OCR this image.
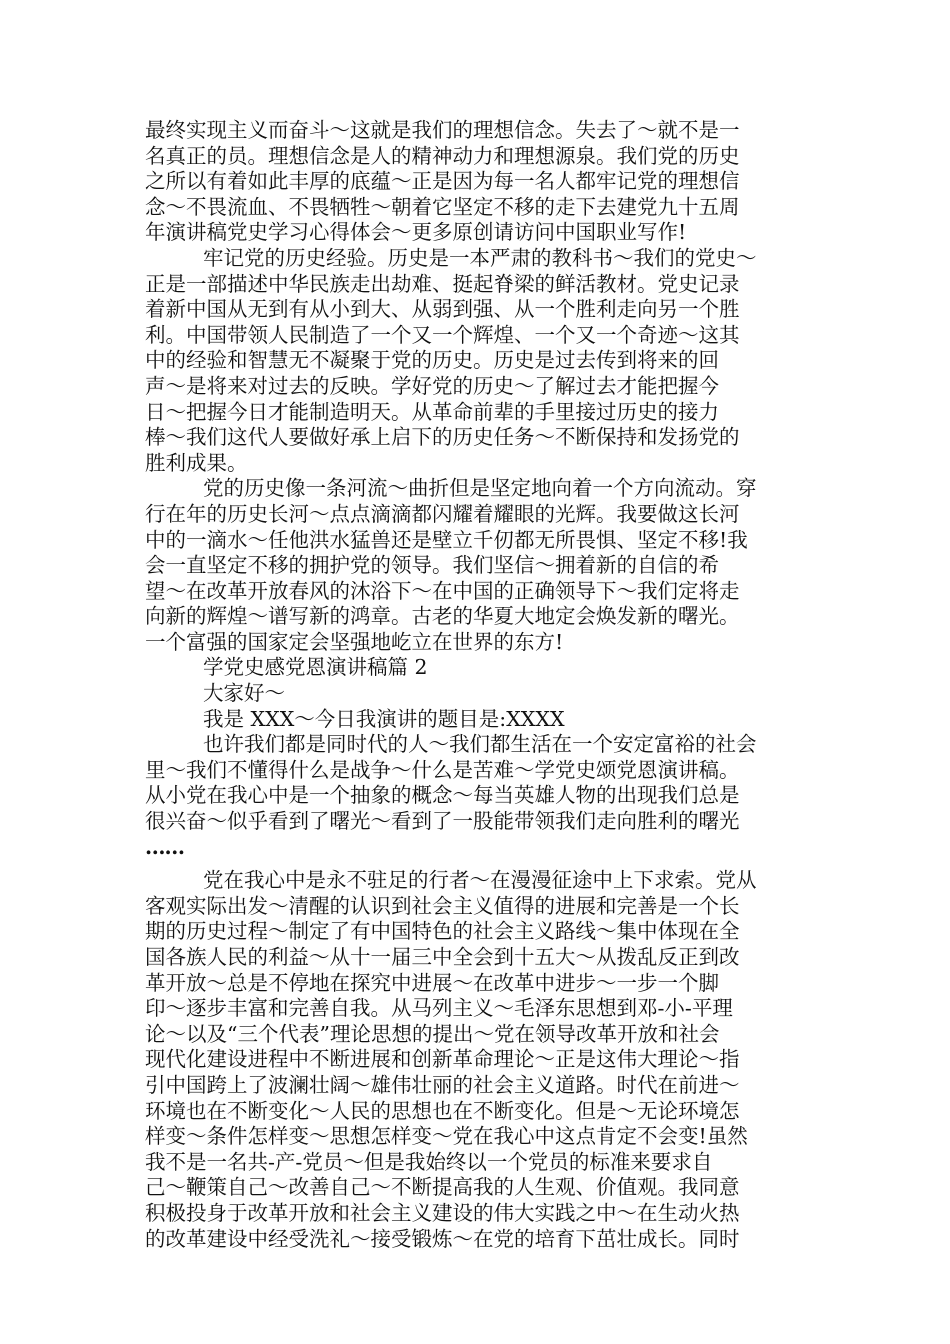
最终实现主义而奋斗～这就是我们的理想信念。失去了～就不是一
名真正的员。理想信念是人的精神动力和理想源泉。我们党的历史
之所以有着如此丰厚的底蕴～正是因为每一名人都牢记党的理想信
念～不畏流血、不畏牺牲～朝着它坚定不移的走下去建党九十五周
年演讲稿党史学习心得体会～更多原创请访问中国职业写作!
牢记党的历史经验。历史是一本严肃的教科书～我们的党史～
正是一部描述中华民族走出劫难、挺起脊梁的鲜活教材。党史记录
着新中国从无到有从小到大、从弱到强、从一个胜利走向另一个胜
利。中国带领人民制造了一个又一个辉煌、一个又一个奇迹～这其
中的经验和智慧无不凝聚于党的历史。历史是过去传到将来的回
声～是将来对过去的反映。学好党的历史～了解过去才能把握今
日～把握今日才能制造明天。从革命前辈的手里接过历史的接力
棒～我们这代人要做好承上启下的历史任务～不断保持和发扬党的
胜利成果。
党的历史像一条河流～曲折但是坚定地向着一个方向流动。穿
行在年的历史长河～点点滴滴都闪耀着耀眼的光辉。我要做这长河
中的一滴水～任他洪水猛兽还是壁立千仞都无所畏惧、坚定不移!我
会一直坚定不移的拥护党的领导。我们坚信～拥着新的自信的希
望～在改革开放春风的沐浴下～在中国的正确领导下～我们定将走
向新的辉煌～谱写新的鸿章。古老的华夏大地定会焕发新的曙光。
一个富强的国家定会坚强地屹立在世界的东方!
学党史感党恩演讲稿篇 2
大家好～
我是 XXX～今日我演讲的题目是:XXXX
也许我们都是同时代的人～我们都生活在一个安定富裕的社会
里～我们不懂得什么是战争～什么是苦难～学党史颂党恩演讲稿。
从小党在我心中是一个抽象的概念～每当英雄人物的出现我们总是
很兴奋～似乎看到了曙光～看到了一股能带领我们走向胜利的曙光
……
党在我心中是永不驻足的行者～在漫漫征途中上下求索。党从
客观实际出发～清醒的认识到社会主义值得的进展和完善是一个长
期的历史过程～制定了有中国特色的社会主义路线～集中体现在全
国各族人民的利益～从十一届三中全会到十五大～从拨乱反正到改
革开放～总是不停地在探究中进展～在改革中进步～一步一个脚
印～逐步丰富和完善自我。从马列主义～毛泽东思想到邓-小-平理
论～以及“三个代表”理论思想的提出～党在领导改革开放和社会
现代化建设进程中不断进展和创新革命理论～正是这伟大理论～指
引中国跨上了波澜壮阔～雄伟壮丽的社会主义道路。时代在前进～
环境也在不断变化～人民的思想也在不断变化。但是～无论环境怎
样变～条件怎样变～思想怎样变～党在我心中这点肯定不会变!虽然
我不是一名共-产-党员～但是我始终以一个党员的标准来要求自
己～鞭策自己～改善自己～不断提高我的人生观、价值观。我同意
积极投身于改革开放和社会主义建设的伟大实践之中～在生动火热
的改革建设中经受洗礼～接受锻炼～在党的培育下茁壮成长。同时
